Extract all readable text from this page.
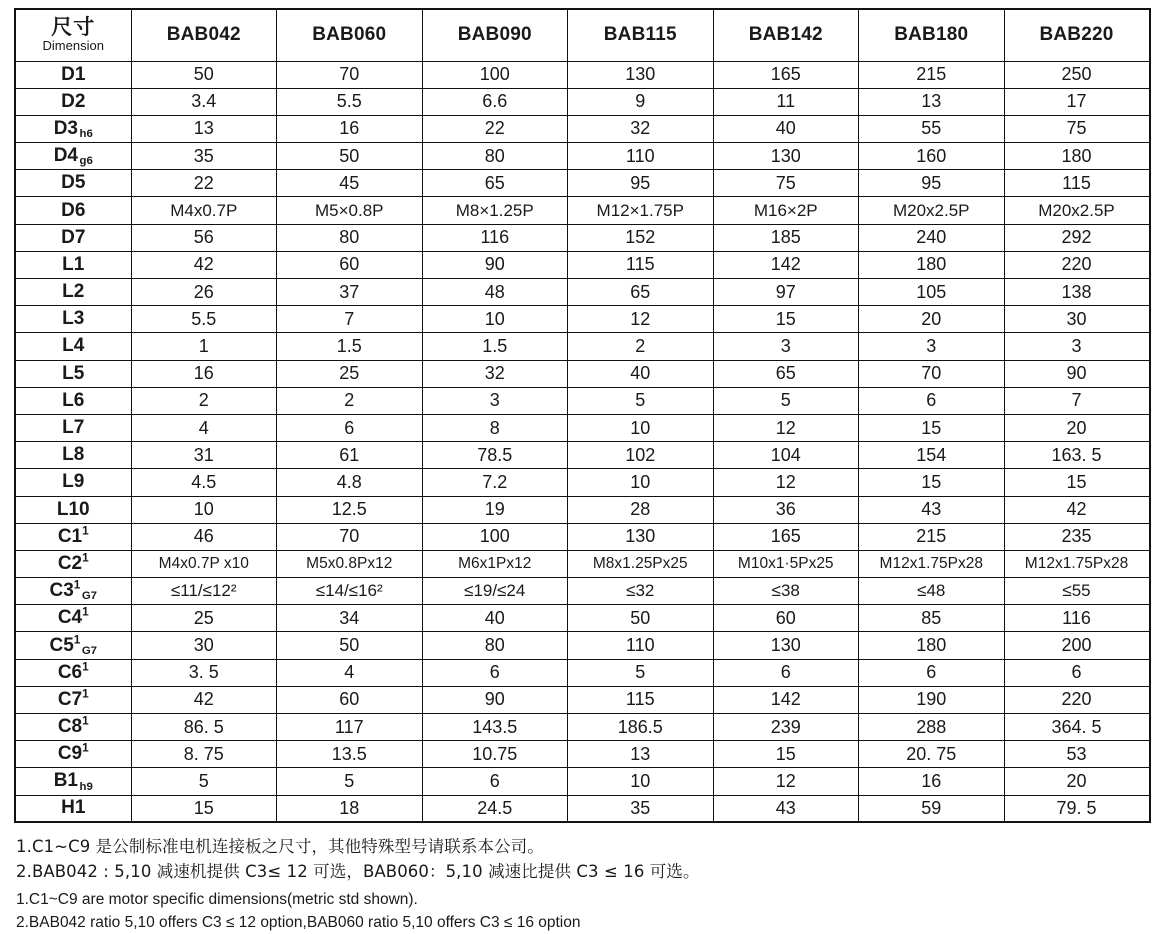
尺寸
Dimension	BAB042	BAB060	BAB090	BAB115	BAB142	BAB180	BAB220
D1	50	70	100	130	165	215	250
D2	3.4	5.5	6.6	9	11	13	17
D3 $_{h6}$	13	16	22	32	40	55	75
D4 $_{g6}$	35	50	80	110	130	160	180
D5	22	45	65	95	75	95	115
D6	M4x0.7P	M5×0.8P	M8×1.25P	M12×1.75P	M16×2P	M20x2.5P	M20x2.5P
D7	56	80	116	152	185	240	292
L1	42	60	90	115	142	180	220
L2	26	37	48	65	97	105	138
L3	5.5	7	10	12	15	20	30
L4	1	1.5	1.5	2	3	3	3
L5	16	25	32	40	65	70	90
L6	2	2	3	5	5	6	7
L7	4	6	8	10	12	15	20
L8	31	61	78.5	102	104	154	163. 5
L9	4.5	4.8	7.2	10	12	15	15
L10	10	12.5	19	28	36	43	42
$C1^1$	46	70	100	130	165	215	235
$C2^1$	M4x0.7P x10	M5x0.8Px12	M6x1Px12	M8x1.25Px25	M10x1·5Px25	M12x1.75Px28	M12x1.75Px28
$C3^1_{G7}$	≤11/≤12²	≤14/≤16²	≤19/≤24	≤32	≤38	≤48	≤55
$C4^1$	25	34	40	50	60	85	116
$C5^1_{G7}$	30	50	80	110	130	180	200
$C6^1$	3. 5	4	6	5	6	6	6
$C7^1$	42	60	90	115	142	190	220
$C8^1$	86. 5	117	143.5	186.5	239	288	364. 5
$C9^1$	8. 75	13.5	10.75	13	15	20. 75	53
B1 $_{h9}$	5	5	6	10	12	16	20
H1	15	18	24.5	35	43	59	79. 5
1.C1~C9 是公制标准电机连接板之尺寸，其他特殊型号请联系本公司。
2.BAB042 : 5,10 减速机提供 C3≤ 12 可选，BAB060：5,10 减速比提供 C3 ≤ 16 可选。
1.C1~C9 are motor specific dimensions(metric std shown).
2.BAB042 ratio 5,10 offers C3 ≤ 12 option,BAB060 ratio 5,10 offers C3 ≤ 16 option
